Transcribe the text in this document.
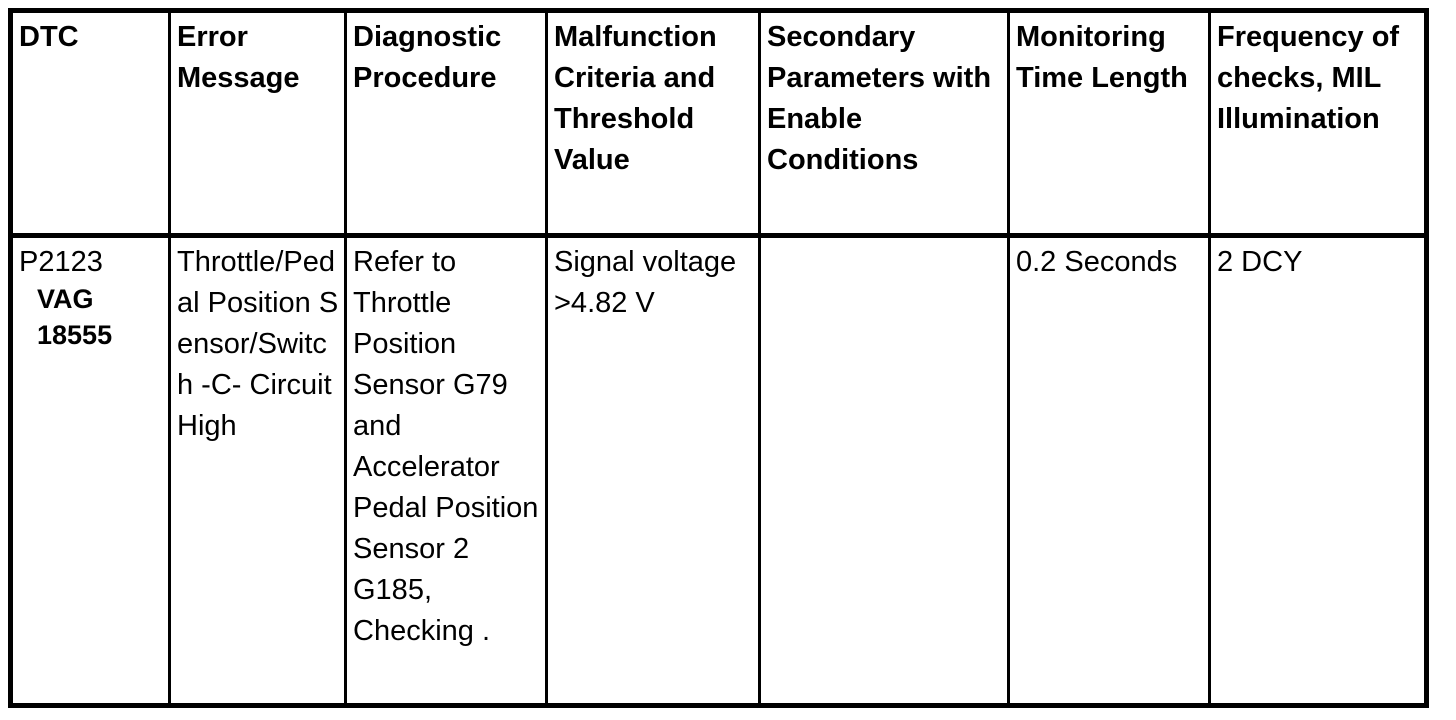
DTC	Error Message	Diagnostic Procedure	Malfunction Criteria and Threshold Value	Secondary Parameters with Enable Conditions	Monitoring Time Length	Frequency of checks, MIL Illumination

P2123
VAG
18555	Throttle/Pedal Position Sensor/Switch -C- Circuit High	Refer to Throttle Position Sensor G79 and Accelerator Pedal Position Sensor 2 G185, Checking .	Signal voltage >4.82 V		0.2 Seconds	2 DCY
